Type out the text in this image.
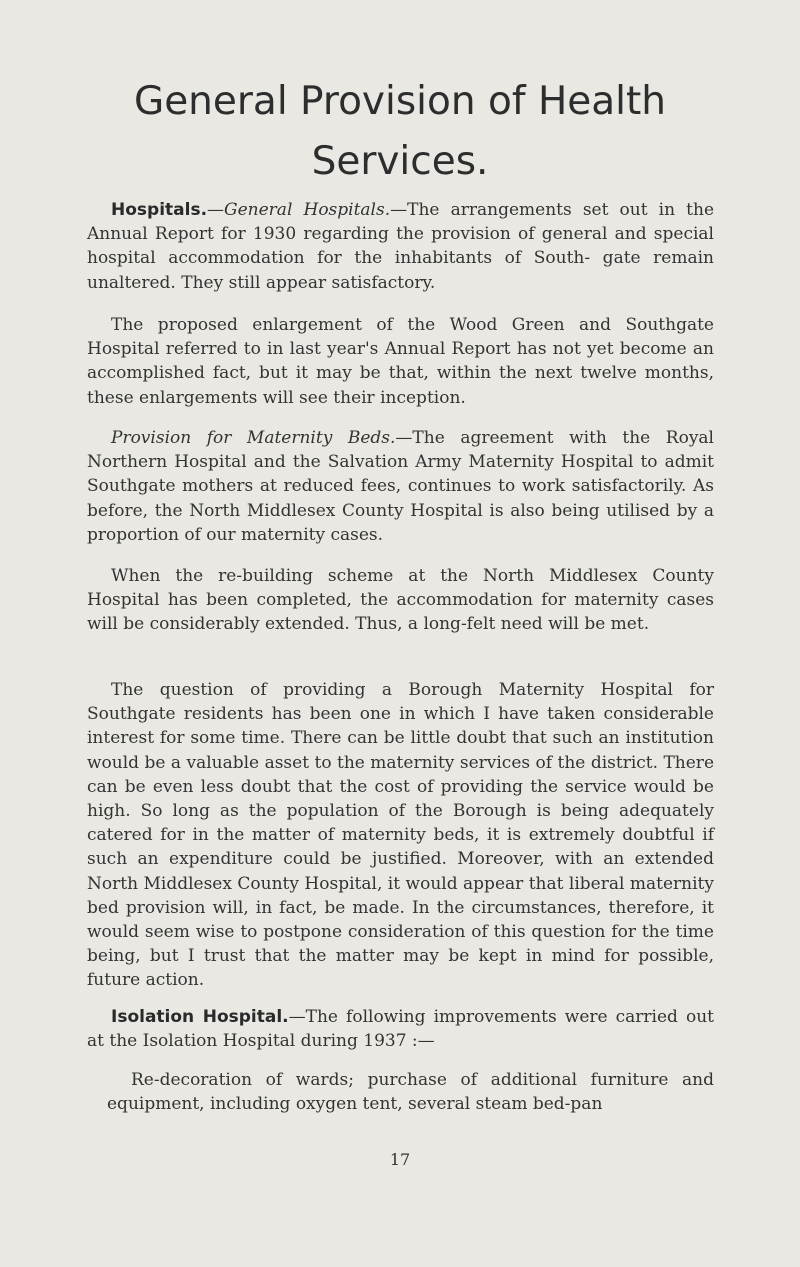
General Provision of Health
Services.

Hospitals.—General Hospitals.—The arrangements set out in the Annual Report for 1930 regarding the provision of general and special hospital accommodation for the inhabitants of South- gate remain unaltered. They still appear satisfactory.

The proposed enlargement of the Wood Green and Southgate Hospital referred to in last year's Annual Report has not yet become an accomplished fact, but it may be that, within the next twelve months, these enlargements will see their inception.

Provision for Maternity Beds.—The agreement with the Royal Northern Hospital and the Salvation Army Maternity Hospital to admit Southgate mothers at reduced fees, continues to work satisfactorily. As before, the North Middlesex County Hospital is also being utilised by a proportion of our maternity cases.

When the re-building scheme at the North Middlesex County Hospital has been completed, the accommodation for maternity cases will be considerably extended. Thus, a long-felt need will be met.

The question of providing a Borough Maternity Hospital for Southgate residents has been one in which I have taken considerable interest for some time. There can be little doubt that such an institution would be a valuable asset to the maternity services of the district. There can be even less doubt that the cost of providing the service would be high. So long as the population of the Borough is being adequately catered for in the matter of maternity beds, it is extremely doubtful if such an expenditure could be justified. Moreover, with an extended North Middlesex County Hospital, it would appear that liberal maternity bed provision will, in fact, be made. In the circumstances, therefore, it would seem wise to postpone consideration of this question for the time being, but I trust that the matter may be kept in mind for possible, future action.

Isolation Hospital.—The following improvements were carried out at the Isolation Hospital during 1937 :—

Re-decoration of wards; purchase of additional furniture and equipment, including oxygen tent, several steam bed-pan

17
